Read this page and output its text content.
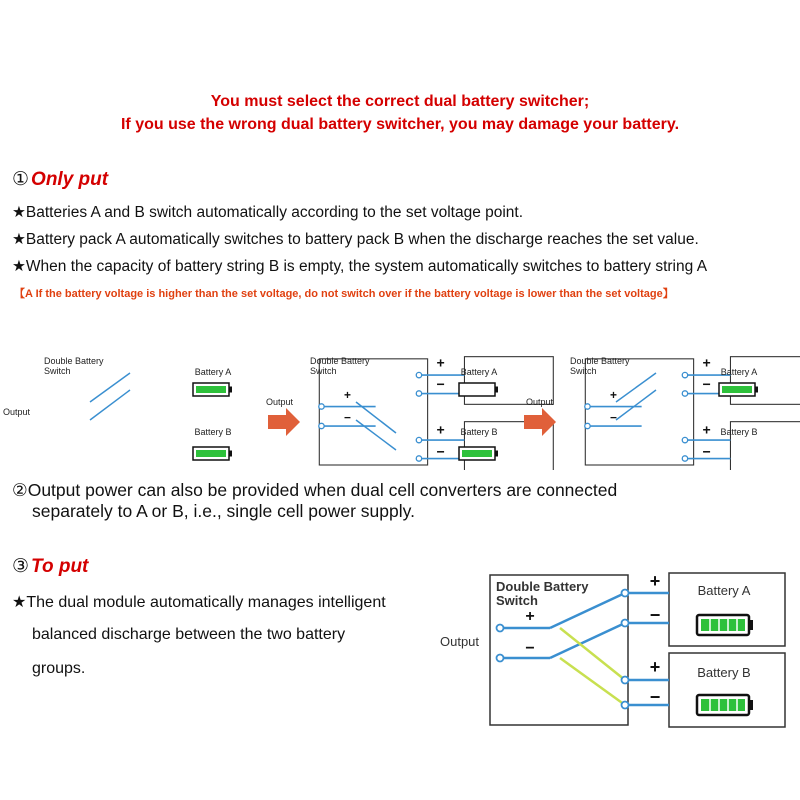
You must select the correct dual battery switcher;
If you use the wrong dual battery switcher, you may damage your battery.
① Only put
★Batteries A and B switch automatically according to the set voltage point.
★Battery pack A automatically switches to battery pack B when the discharge reaches the set value.
★When the capacity of battery string B is empty, the system automatically switches to battery string A
【A If the battery voltage is higher than the set voltage, do not switch over if the battery voltage is lower than the set voltage】
+
−
+
−
+
−
Double Battery
Switch
Output
Battery A
Battery B
Double Battery
Switch
Output
Battery A
Battery B
Double Battery
Switch
Output
Battery A
Battery B
②Output power can also be provided when dual cell converters are connected
separately to A or B, i.e., single cell power supply.
③ To put
★The dual module automatically manages intelligent
balanced discharge between the two battery
groups.
Double Battery
Switch
Output
+
−
+
−
+
−
Battery A
Battery B
